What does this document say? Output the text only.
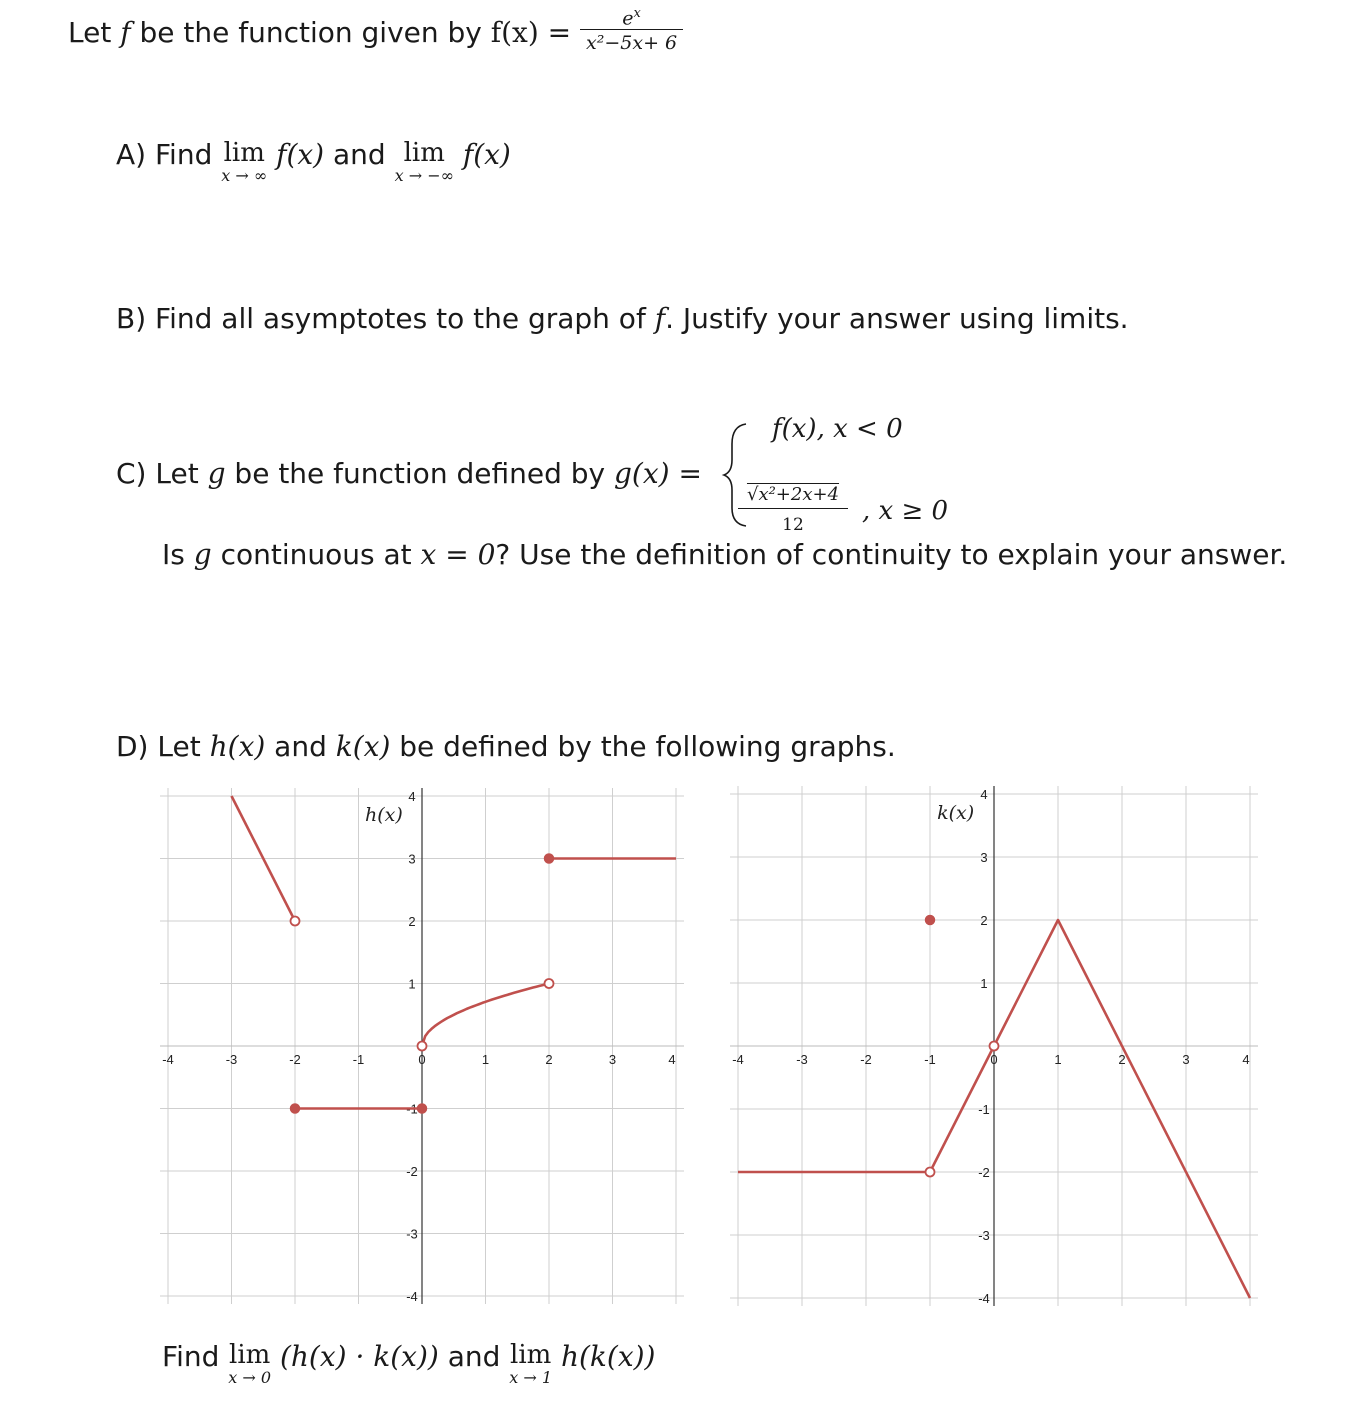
Let f be the function given by $f(x) = \frac{e^x}{\text{x²−5x+ 6}}$
A) Find lim
x → ∞
f(x) and lim
x → −∞
f(x)
B) Find all asymptotes to the graph of f. Justify your answer using limits.
C) Let g be the function defined by g(x) =
f(x), x < 0
$\frac{\text{√x²+2x+4}}{12}$ , x ≥ 0
Is g continuous at x = 0? Use the definition of continuity to explain your answer.
D) Let h(x) and k(x) be defined by the following graphs.
-4	-3	-2	-1	0	1	2	3	4
-4
-3
-2
-1
1
2
3
4
h(x)
-4	-3	-2	-1	0	1	2	3	4
-4
-3
-2
-1
1
2
3
4
k(x)
Find lim
x → 0
(h(x) · k(x)) and lim
x → 1
h(k(x))
